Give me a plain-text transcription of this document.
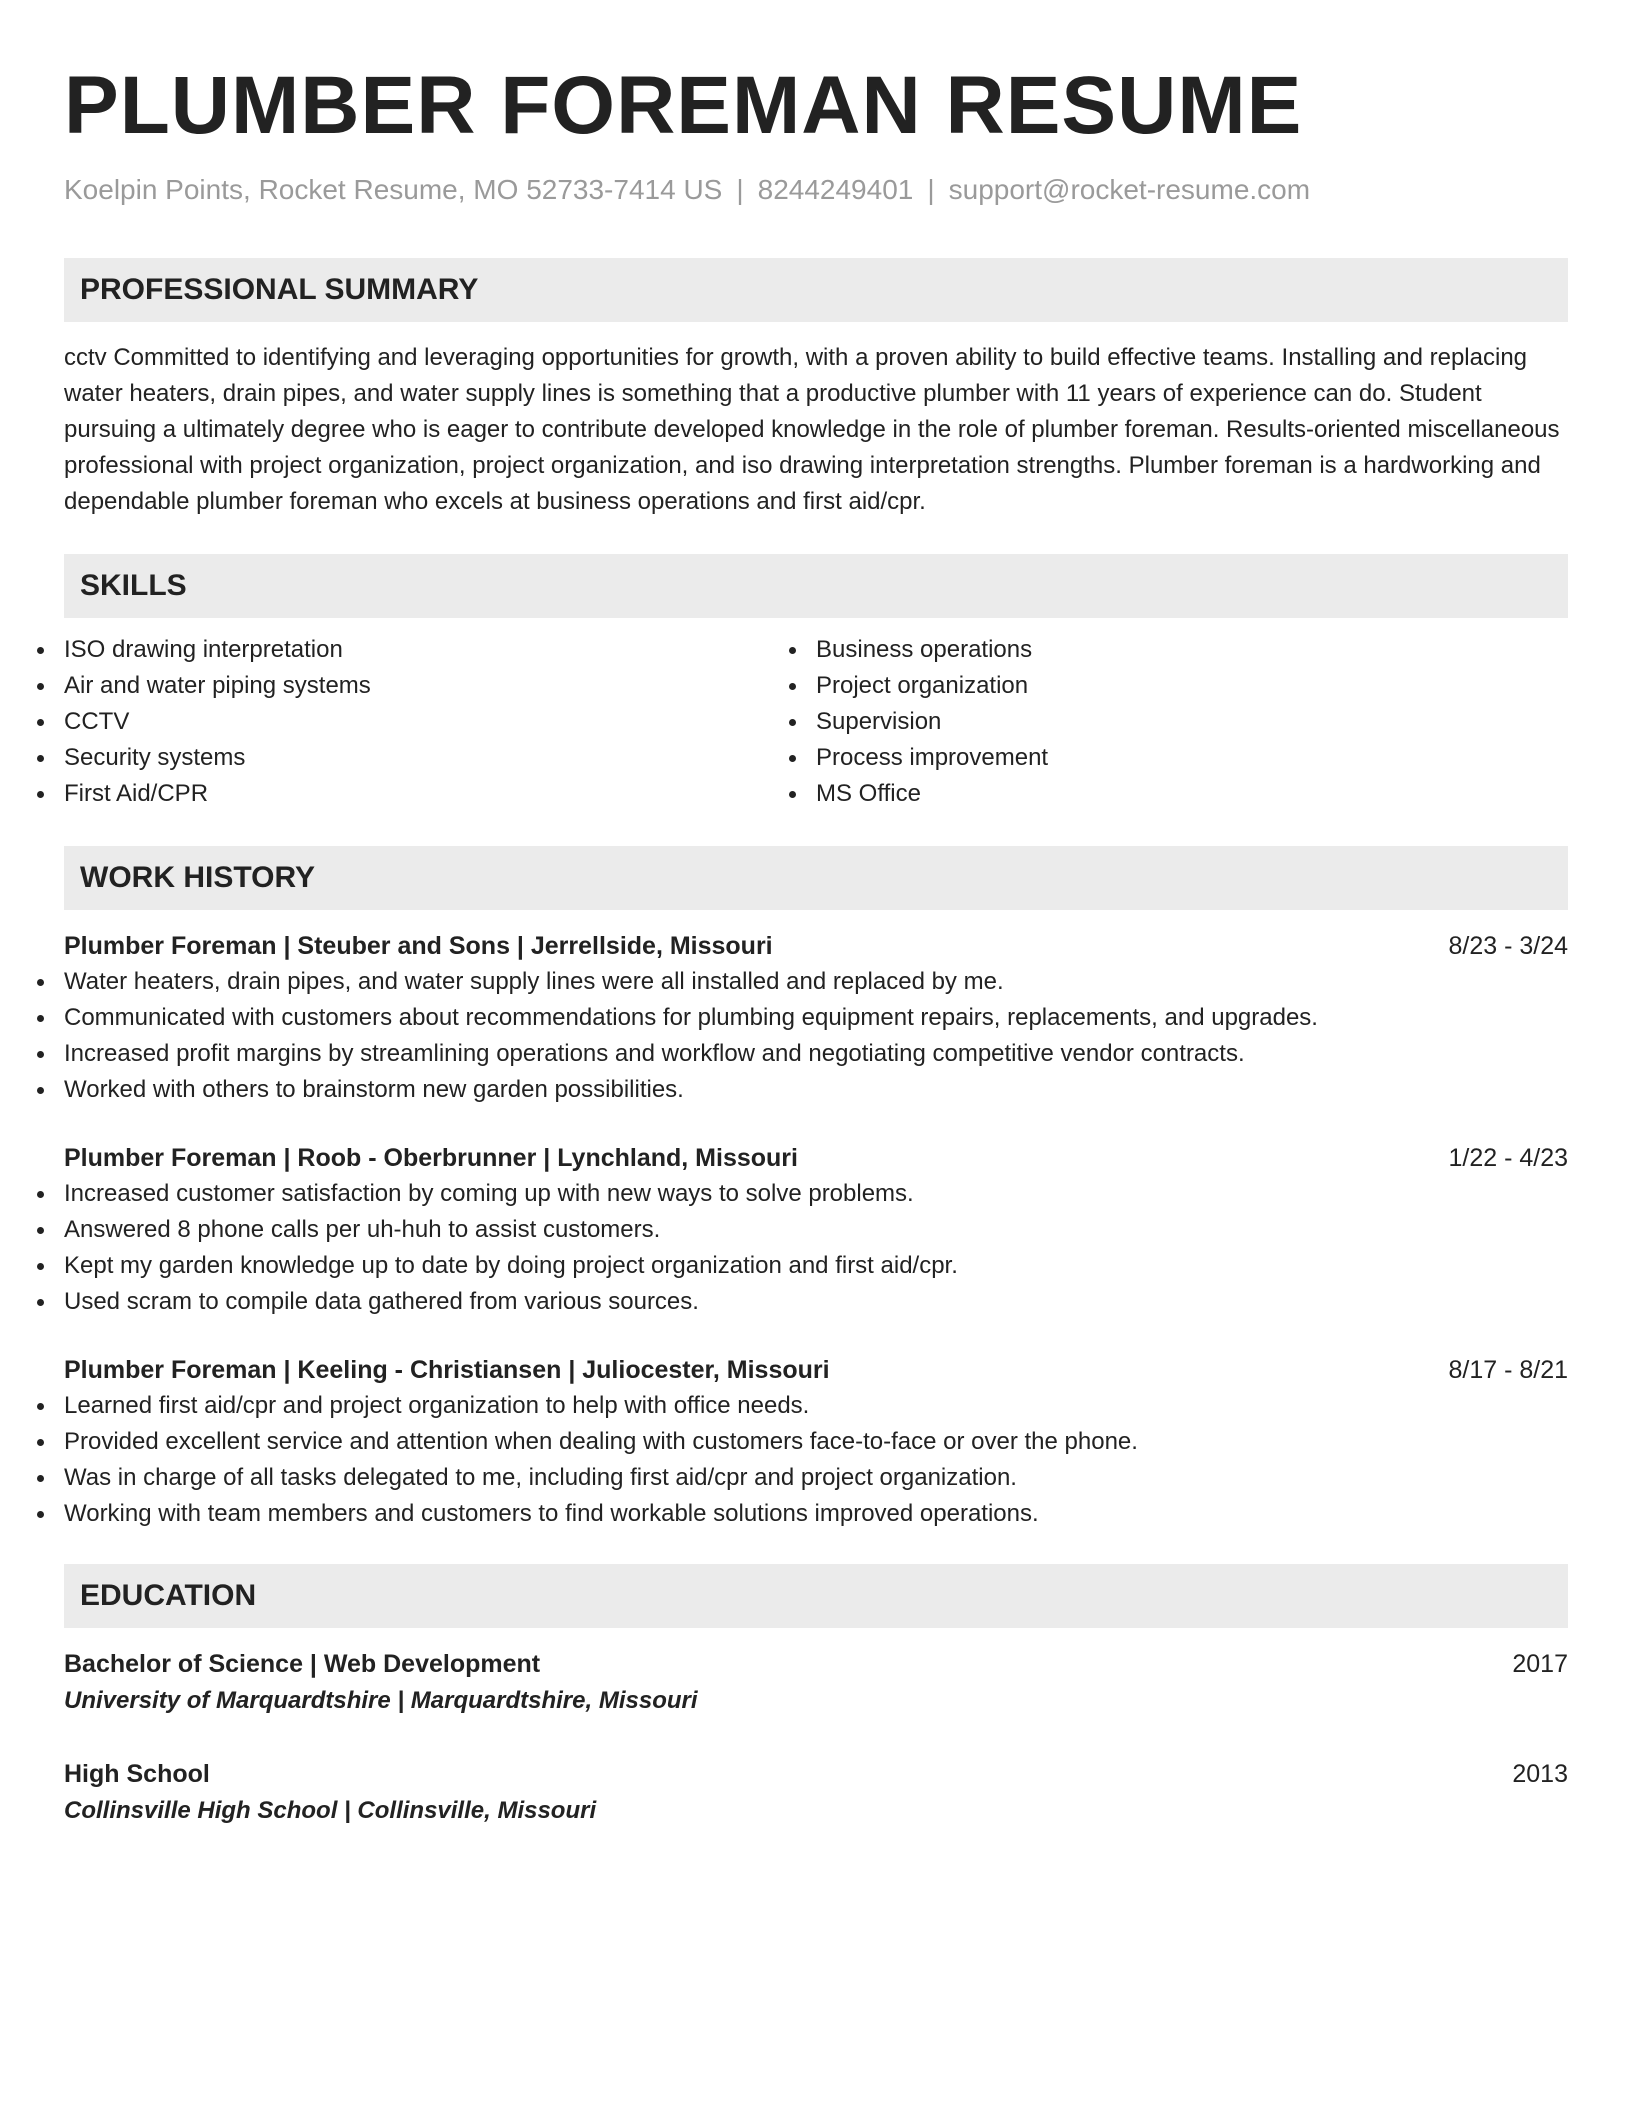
PLUMBER FOREMAN RESUME
Koelpin Points, Rocket Resume, MO 52733-7414 US | 8244249401 | support@rocket-resume.com
PROFESSIONAL SUMMARY

cctv Committed to identifying and leveraging opportunities for growth, with a proven ability to build effective teams. Installing and replacing water heaters, drain pipes, and water supply lines is something that a productive plumber with 11 years of experience can do. Student pursuing a ultimately degree who is eager to contribute developed knowledge in the role of plumber foreman. Results-oriented miscellaneous professional with project organization, project organization, and iso drawing interpretation strengths. Plumber foreman is a hardworking and dependable plumber foreman who excels at business operations and first aid/cpr.

SKILLS
ISO drawing interpretation
Air and water piping systems
CCTV
Security systems
First Aid/CPR
Business operations
Project organization
Supervision
Process improvement
MS Office
WORK HISTORY
Plumber Foreman | Steuber and Sons | Jerrellside, Missouri	8/23 - 3/24
Water heaters, drain pipes, and water supply lines were all installed and replaced by me.
Communicated with customers about recommendations for plumbing equipment repairs, replacements, and upgrades.
Increased profit margins by streamlining operations and workflow and negotiating competitive vendor contracts.
Worked with others to brainstorm new garden possibilities.
Plumber Foreman | Roob - Oberbrunner | Lynchland, Missouri	1/22 - 4/23
Increased customer satisfaction by coming up with new ways to solve problems.
Answered 8 phone calls per uh-huh to assist customers.
Kept my garden knowledge up to date by doing project organization and first aid/cpr.
Used scram to compile data gathered from various sources.
Plumber Foreman | Keeling - Christiansen | Juliocester, Missouri	8/17 - 8/21
Learned first aid/cpr and project organization to help with office needs.
Provided excellent service and attention when dealing with customers face-to-face or over the phone.
Was in charge of all tasks delegated to me, including first aid/cpr and project organization.
Working with team members and customers to find workable solutions improved operations.
EDUCATION
Bachelor of Science | Web Development	2017
University of Marquardtshire | Marquardtshire, Missouri
High School	2013
Collinsville High School | Collinsville, Missouri
